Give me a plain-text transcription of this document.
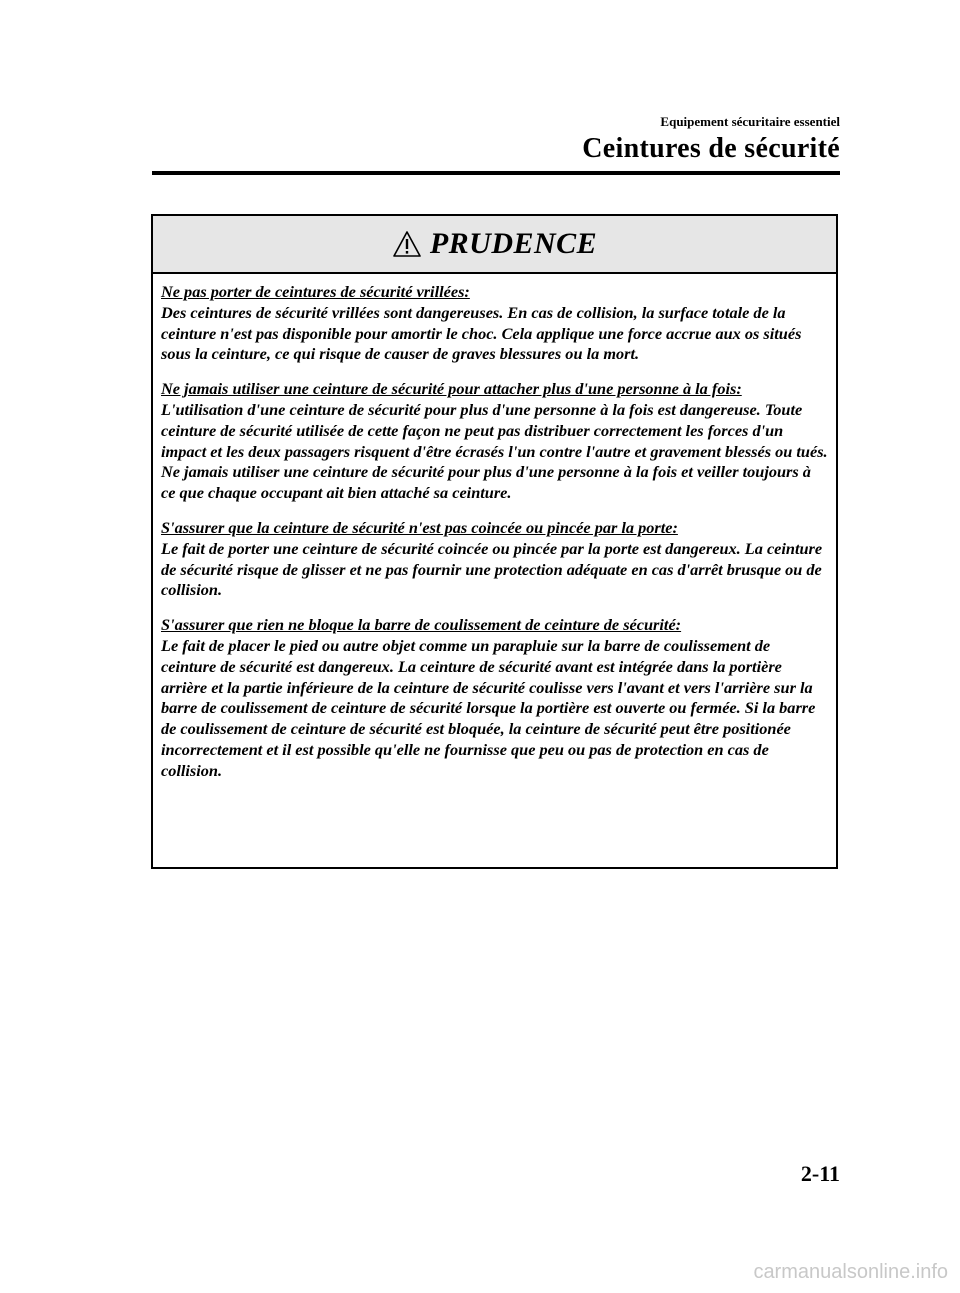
Equipement sécuritaire essentiel
Ceintures de sécurité
PRUDENCE

Ne pas porter de ceintures de sécurité vrillées:
Des ceintures de sécurité vrillées sont dangereuses. En cas de collision, la surface totale de la ceinture n'est pas disponible pour amortir le choc. Cela applique une force accrue aux os situés sous la ceinture, ce qui risque de causer de graves blessures ou la mort.

Ne jamais utiliser une ceinture de sécurité pour attacher plus d'une personne à la fois:
L'utilisation d'une ceinture de sécurité pour plus d'une personne à la fois est dangereuse. Toute ceinture de sécurité utilisée de cette façon ne peut pas distribuer correctement les forces d'un impact et les deux passagers risquent d'être écrasés l'un contre l'autre et gravement blessés ou tués. Ne jamais utiliser une ceinture de sécurité pour plus d'une personne à la fois et veiller toujours à ce que chaque occupant ait bien attaché sa ceinture.

S'assurer que la ceinture de sécurité n'est pas coincée ou pincée par la porte:
Le fait de porter une ceinture de sécurité coincée ou pincée par la porte est dangereux. La ceinture de sécurité risque de glisser et ne pas fournir une protection adéquate en cas d'arrêt brusque ou de collision.

S'assurer que rien ne bloque la barre de coulissement de ceinture de sécurité:
Le fait de placer le pied ou autre objet comme un parapluie sur la barre de coulissement de ceinture de sécurité est dangereux. La ceinture de sécurité avant est intégrée dans la portière arrière et la partie inférieure de la ceinture de sécurité coulisse vers l'avant et vers l'arrière sur la barre de coulissement de ceinture de sécurité lorsque la portière est ouverte ou fermée. Si la barre de coulissement de ceinture de sécurité est bloquée, la ceinture de sécurité peut être positionée incorrectement et il est possible qu'elle ne fournisse que peu ou pas de protection en cas de collision.

2-11
carmanualsonline.info
